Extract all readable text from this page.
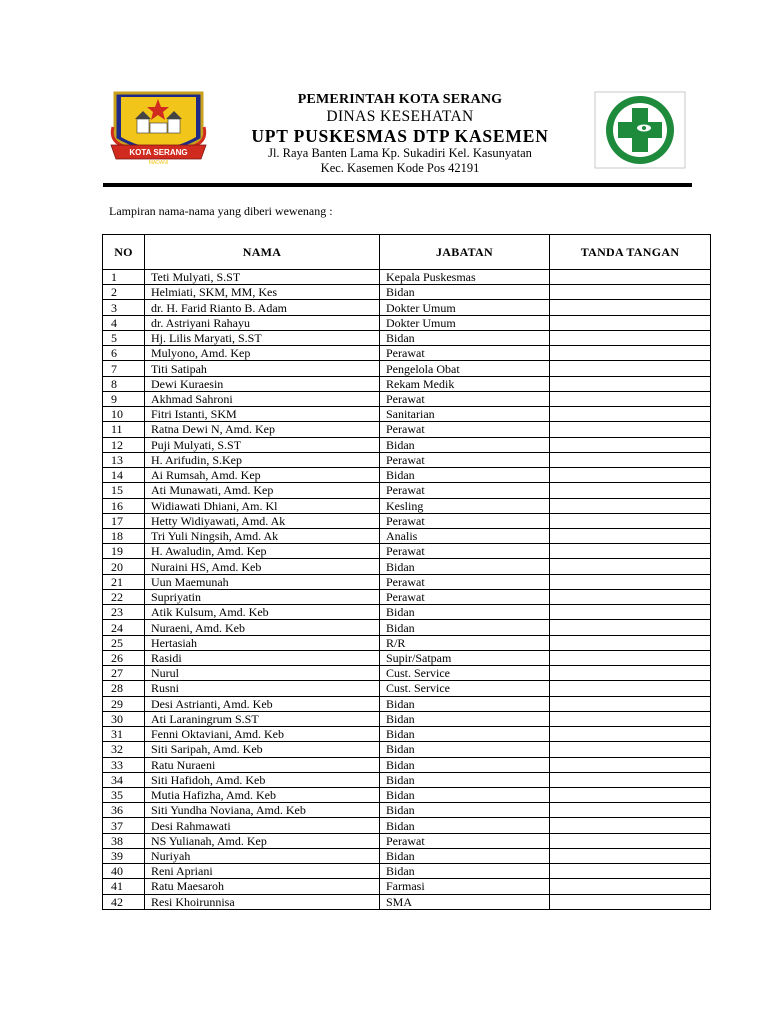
KOTA SERANG
MADANI
PEMERINTAH KOTA SERANG
DINAS KESEHATAN
UPT PUSKESMAS DTP KASEMEN
Jl. Raya Banten Lama Kp. Sukadiri Kel. Kasunyatan
Kec. Kasemen Kode Pos 42191
Lampiran nama-nama yang diberi wewenang :
NO	NAMA	JABATAN	TANDA TANGAN
1	Teti Mulyati, S.ST	Kepala Puskesmas	
2	Helmiati, SKM, MM, Kes	Bidan	
3	dr. H. Farid Rianto B. Adam	Dokter Umum	
4	dr. Astriyani Rahayu	Dokter Umum	
5	Hj. Lilis Maryati, S.ST	Bidan	
6	Mulyono, Amd. Kep	Perawat	
7	Titi Satipah	Pengelola Obat	
8	Dewi Kuraesin	Rekam Medik	
9	Akhmad Sahroni	Perawat	
10	Fitri Istanti, SKM	Sanitarian	
11	Ratna Dewi N, Amd. Kep	Perawat	
12	Puji Mulyati, S.ST	Bidan	
13	H. Arifudin, S.Kep	Perawat	
14	Ai Rumsah, Amd. Kep	Bidan	
15	Ati Munawati, Amd. Kep	Perawat	
16	Widiawati Dhiani, Am. Kl	Kesling	
17	Hetty Widiyawati, Amd. Ak	Perawat	
18	Tri Yuli Ningsih, Amd. Ak	Analis	
19	H. Awaludin, Amd. Kep	Perawat	
20	Nuraini HS, Amd. Keb	Bidan	
21	Uun Maemunah	Perawat	
22	Supriyatin	Perawat	
23	Atik Kulsum, Amd. Keb	Bidan	
24	Nuraeni, Amd. Keb	Bidan	
25	Hertasiah	R/R	
26	Rasidi	Supir/Satpam	
27	Nurul	Cust. Service	
28	Rusni	Cust. Service	
29	Desi Astrianti, Amd. Keb	Bidan	
30	Ati Laraningrum S.ST	Bidan	
31	Fenni Oktaviani, Amd. Keb	Bidan	
32	Siti Saripah, Amd. Keb	Bidan	
33	Ratu Nuraeni	Bidan	
34	Siti Hafidoh, Amd. Keb	Bidan	
35	Mutia Hafizha, Amd. Keb	Bidan	
36	Siti Yundha Noviana, Amd. Keb	Bidan	
37	Desi Rahmawati	Bidan	
38	NS Yulianah, Amd. Kep	Perawat	
39	Nuriyah	Bidan	
40	Reni Apriani	Bidan	
41	Ratu Maesaroh	Farmasi	
42	Resi Khoirunnisa	SMA	
